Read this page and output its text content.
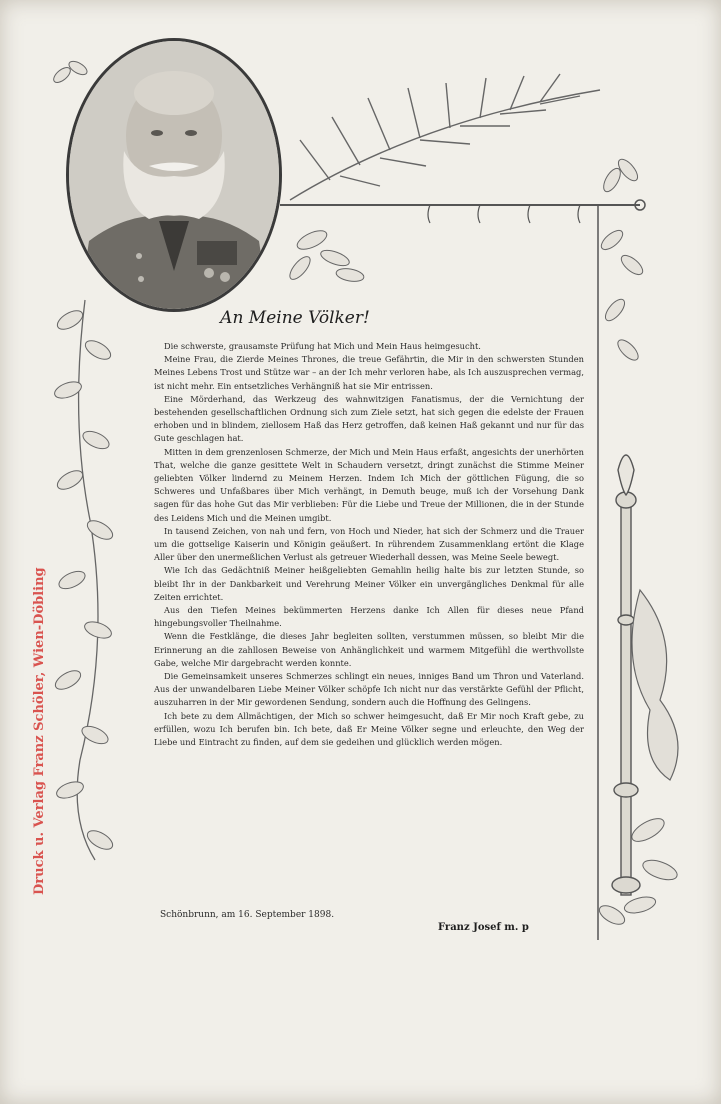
An Meine Völker!

Die schwerste, grausamste Prüfung hat Mich und Mein Haus heimgesucht.

Meine Frau, die Zierde Meines Thrones, die treue Gefährtin, die Mir in den schwersten Stunden Meines Lebens Trost und Stütze war – an der Ich mehr verloren habe, als Ich auszusprechen vermag, ist nicht mehr. Ein entsetzliches Verhängniß hat sie Mir entrissen.

Eine Mörderhand, das Werkzeug des wahnwitzigen Fanatismus, der die Vernichtung der bestehenden gesellschaftlichen Ordnung sich zum Ziele setzt, hat sich gegen die edelste der Frauen erhoben und in blindem, ziellosem Haß das Herz getroffen, daß keinen Haß gekannt und nur für das Gute geschlagen hat.

Mitten in dem grenzenlosen Schmerze, der Mich und Mein Haus erfaßt, angesichts der unerhörten That, welche die ganze gesittete Welt in Schaudern versetzt, dringt zunächst die Stimme Meiner geliebten Völker lindernd zu Meinem Herzen. Indem Ich Mich der göttlichen Fügung, die so Schweres und Unfaßbares über Mich verhängt, in Demuth beuge, muß ich der Vorsehung Dank sagen für das hohe Gut das Mir verblieben: Für die Liebe und Treue der Millionen, die in der Stunde des Leidens Mich und die Meinen umgibt.

In tausend Zeichen, von nah und fern, von Hoch und Nieder, hat sich der Schmerz und die Trauer um die gottselige Kaiserin und Königin geäußert. In rührendem Zusammenklang ertönt die Klage Aller über den unermeßlichen Verlust als getreuer Wiederhall dessen, was Meine Seele bewegt.

Wie Ich das Gedächtniß Meiner heißgeliebten Gemahlin heilig halte bis zur letzten Stunde, so bleibt Ihr in der Dankbarkeit und Verehrung Meiner Völker ein unvergängliches Denkmal für alle Zeiten errichtet.

Aus den Tiefen Meines bekümmerten Herzens danke Ich Allen für dieses neue Pfand hingebungsvoller Theilnahme.

Wenn die Festklänge, die dieses Jahr begleiten sollten, verstummen müssen, so bleibt Mir die Erinnerung an die zahllosen Beweise von Anhänglichkeit und warmem Mitgefühl die werthvollste Gabe, welche Mir dargebracht werden konnte.

Die Gemeinsamkeit unseres Schmerzes schlingt ein neues, inniges Band um Thron und Vaterland. Aus der unwandelbaren Liebe Meiner Völker schöpfe Ich nicht nur das verstärkte Gefühl der Pflicht, auszuharren in der Mir gewordenen Sendung, sondern auch die Hoffnung des Gelingens.

Ich bete zu dem Allmächtigen, der Mich so schwer heimgesucht, daß Er Mir noch Kraft gebe, zu erfüllen, wozu Ich berufen bin. Ich bete, daß Er Meine Völker segne und erleuchte, den Weg der Liebe und Eintracht zu finden, auf dem sie gedeihen und glücklich werden mögen.

Schönbrunn, am 16. September 1898.
Franz Josef m. p
Druck u. Verlag Franz Schöler, Wien-Döbling
